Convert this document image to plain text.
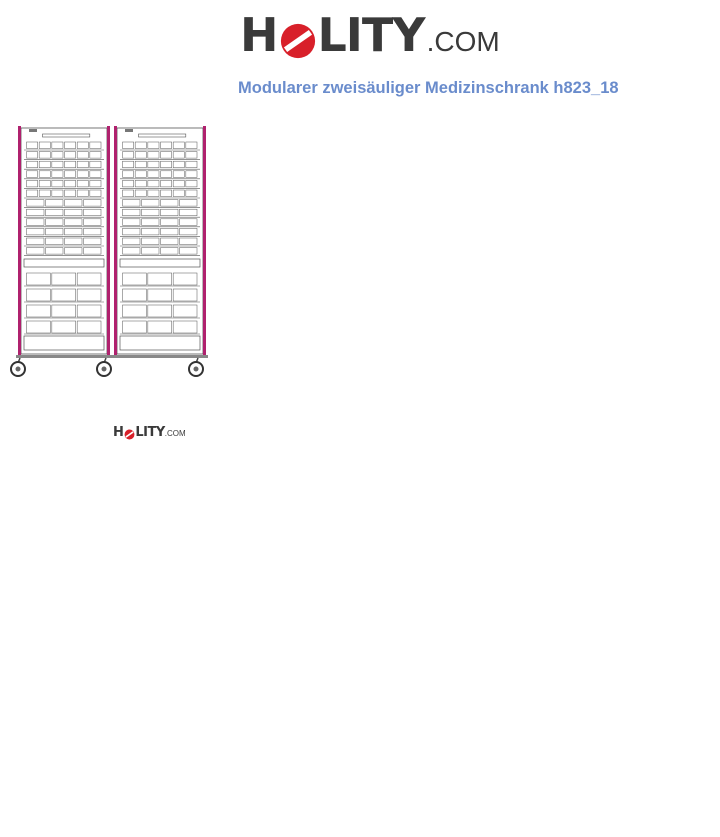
H LITY .COM
Modularer zweisäuliger Medizinschrank h823_18
H LITY .COM
